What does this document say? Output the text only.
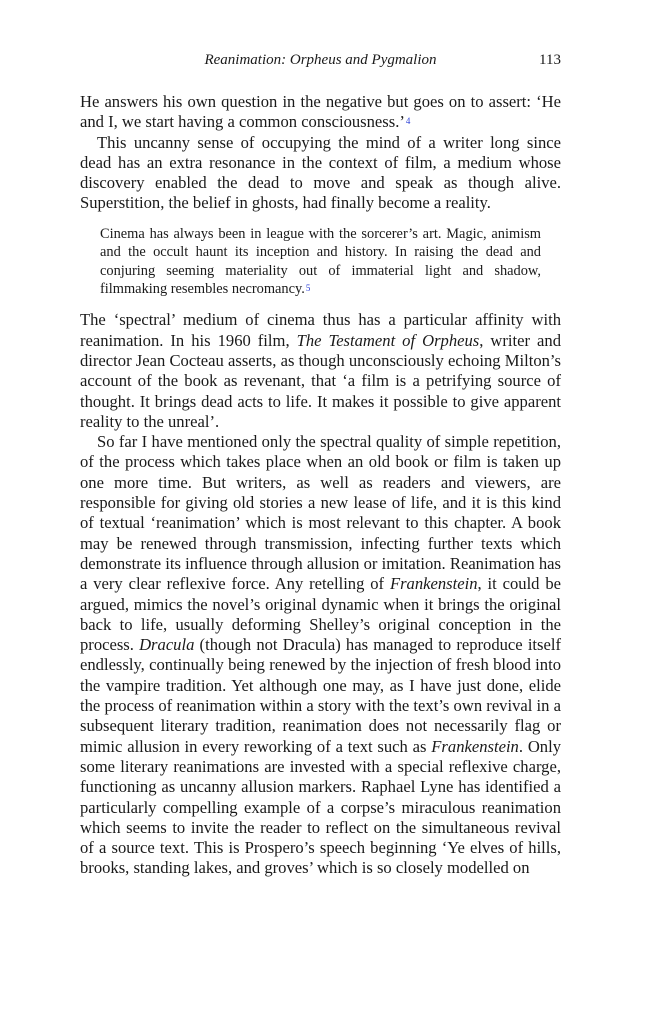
Reanimation: Orpheus and Pygmalion	113

He answers his own question in the negative but goes on to assert: ‘He and I, we start having a common consciousness.’$^4$

This uncanny sense of occupying the mind of a writer long since dead has an extra resonance in the context of film, a medium whose discovery enabled the dead to move and speak as though alive. Superstition, the belief in ghosts, had finally become a reality.

Cinema has always been in league with the sorcerer’s art. Magic, animism and the occult haunt its inception and history. In raising the dead and conjuring seeming materiality out of immaterial light and shadow, filmmaking resembles necromancy.$^5$

The ‘spectral’ medium of cinema thus has a particular affinity with reanimation. In his 1960 film, The Testament of Orpheus, writer and director Jean Cocteau asserts, as though unconsciously echoing Milton’s account of the book as revenant, that ‘a film is a petrifying source of thought. It brings dead acts to life. It makes it possible to give apparent reality to the unreal’.

So far I have mentioned only the spectral quality of simple repetition, of the process which takes place when an old book or film is taken up one more time. But writers, as well as readers and viewers, are responsible for giving old stories a new lease of life, and it is this kind of textual ‘reanimation’ which is most relevant to this chapter. A book may be renewed through transmission, infecting further texts which demonstrate its influence through allusion or imitation. Reanimation has a very clear reflexive force. Any retelling of Frankenstein, it could be argued, mimics the novel’s original dynamic when it brings the original back to life, usually deforming Shelley’s original conception in the process. Dracula (though not Dracula) has managed to reproduce itself endlessly, continually being renewed by the injection of fresh blood into the vampire tradition. Yet although one may, as I have just done, elide the process of reanimation within a story with the text’s own revival in a subsequent literary tradition, reanimation does not necessarily flag or mimic allusion in every reworking of a text such as Frankenstein. Only some literary reanimations are invested with a special reflexive charge, functioning as uncanny allusion markers. Raphael Lyne has identified a particularly compelling example of a corpse’s miraculous reanimation which seems to invite the reader to reflect on the simultaneous revival of a source text. This is Prospero’s speech beginning ‘Ye elves of hills, brooks, standing lakes, and groves’ which is so closely modelled on
